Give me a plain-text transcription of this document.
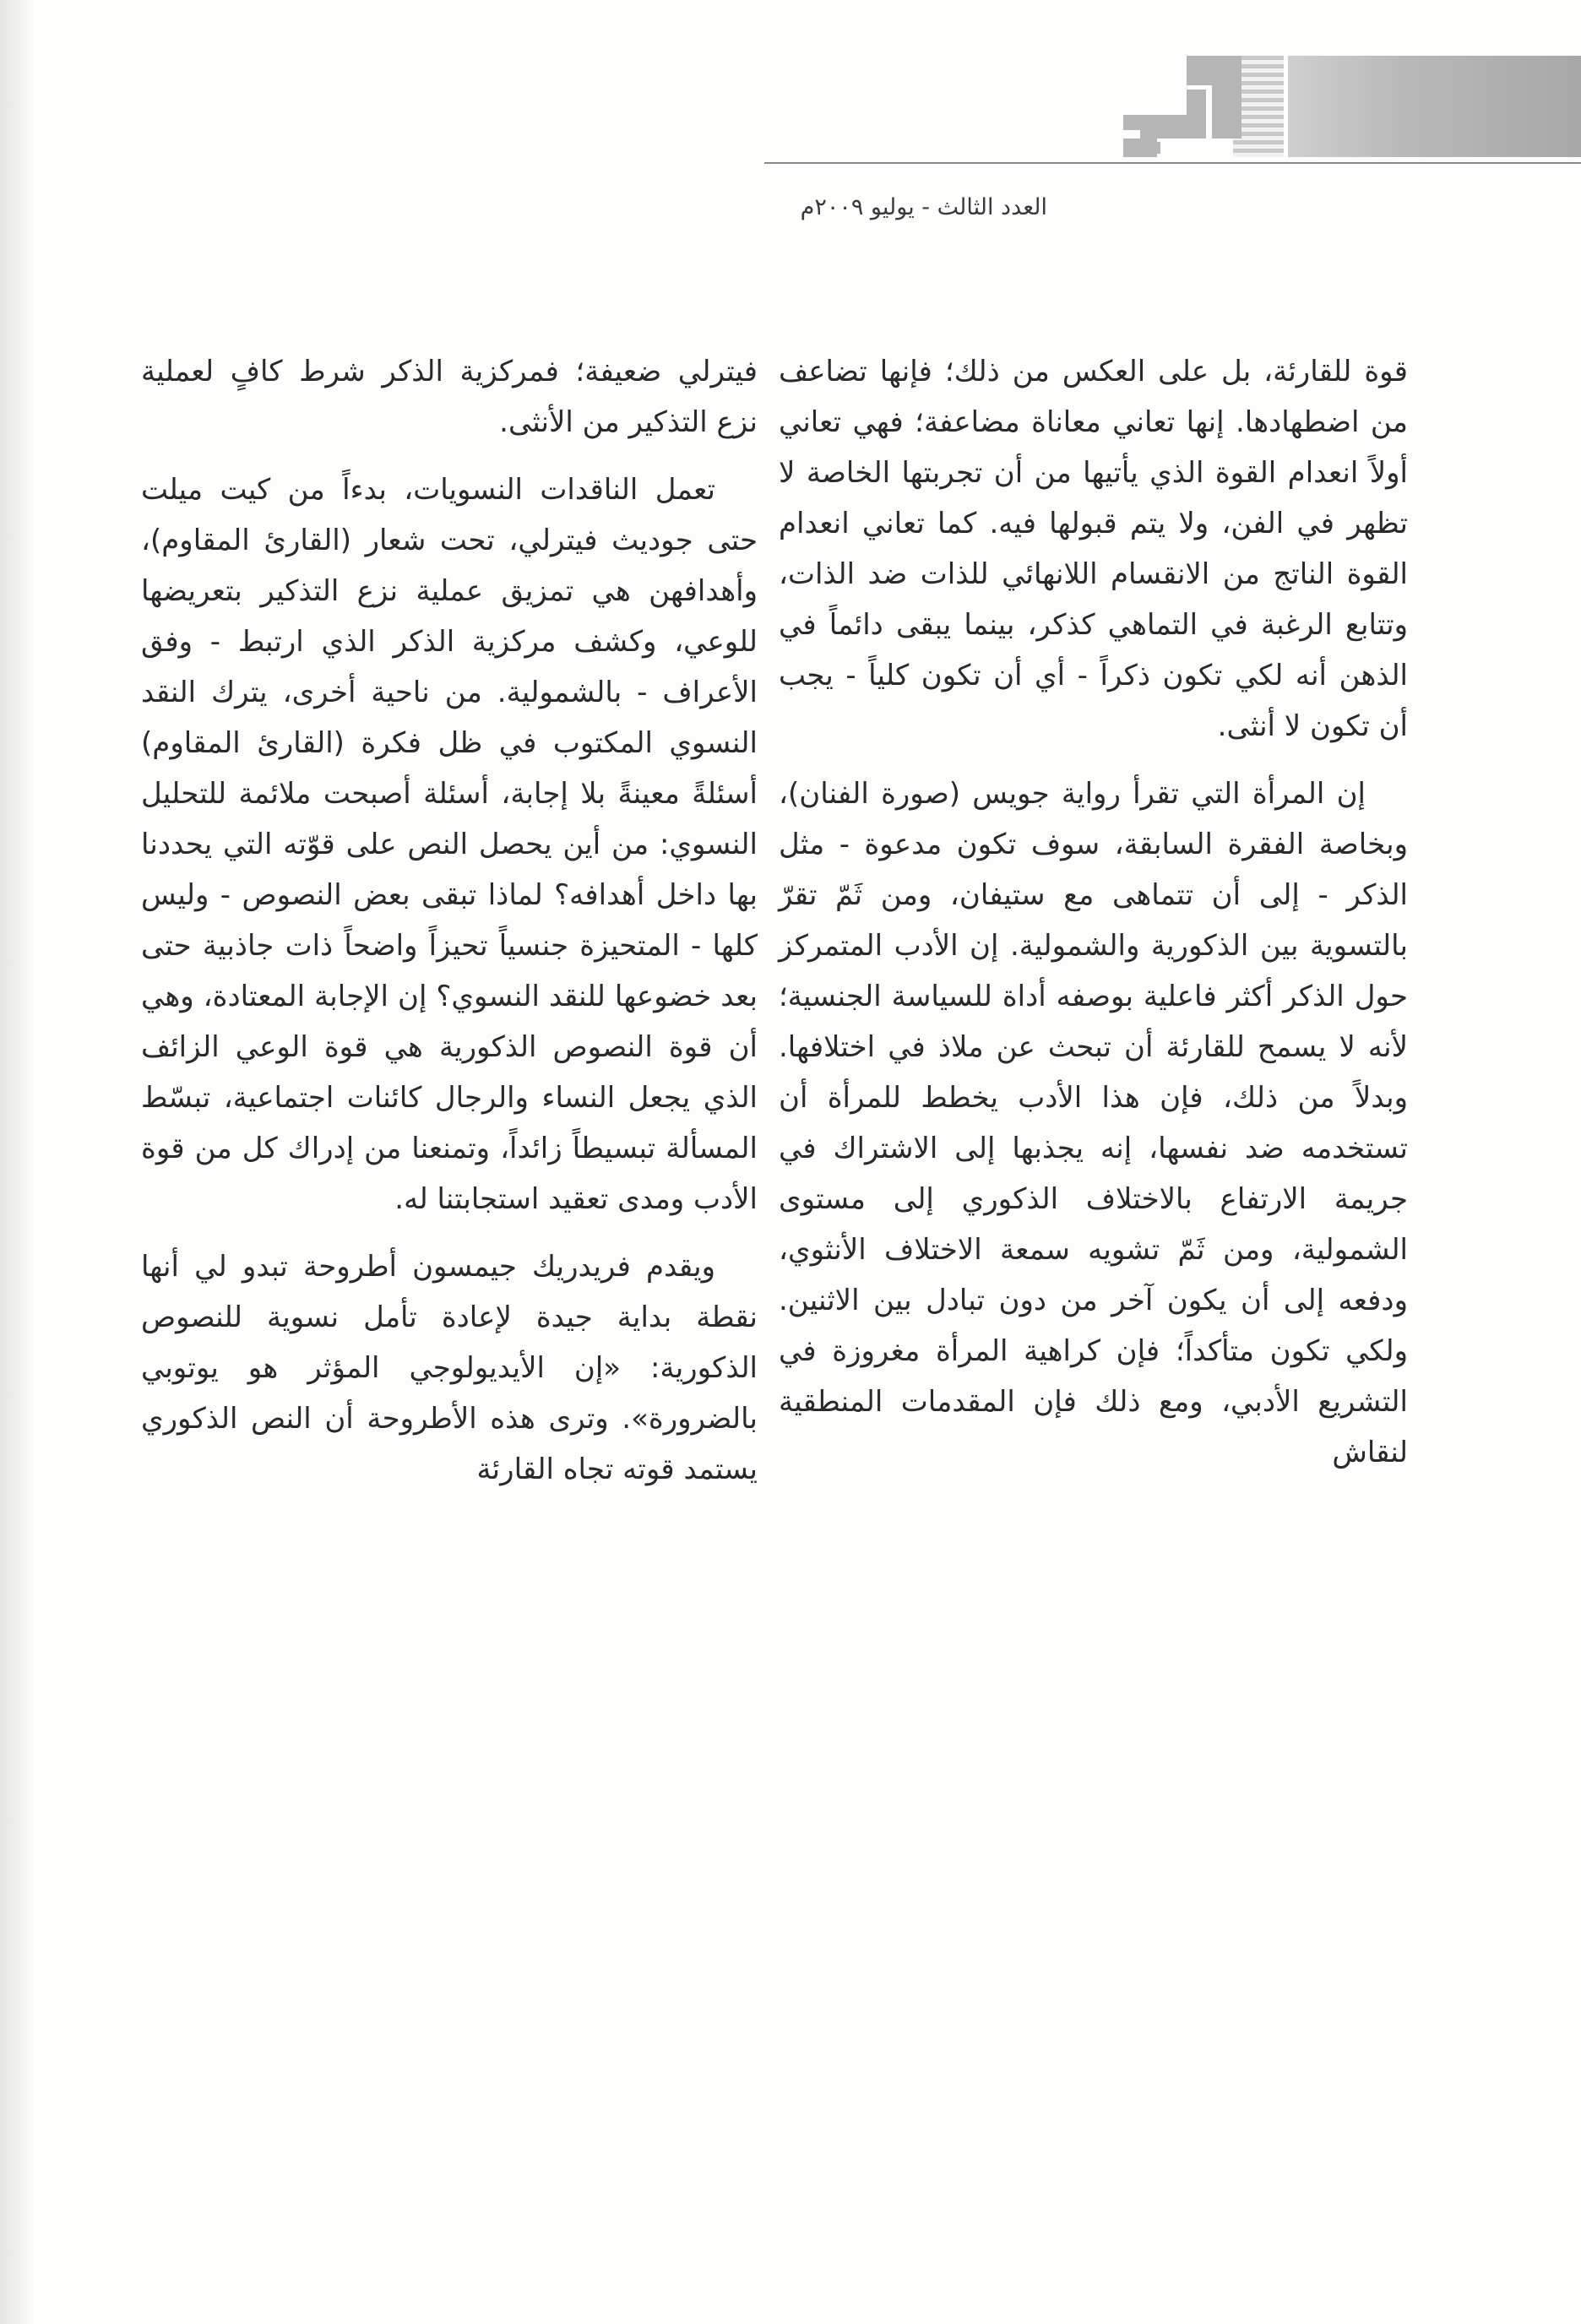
العدد الثالث - يوليو ٢٠٠٩م

قوة للقارئة، بل على العكس من ذلك؛ فإنها تضاعف من اضطهادها. إنها تعاني معاناة مضاعفة؛ فهي تعاني أولاً انعدام القوة الذي يأتيها من أن تجربتها الخاصة لا تظهر في الفن، ولا يتم قبولها فيه. كما تعاني انعدام القوة الناتج من الانقسام اللانهائي للذات ضد الذات، وتتابع الرغبة في التماهي كذكر، بينما يبقى دائماً في الذهن أنه لكي تكون ذكراً - أي أن تكون كلياً - يجب أن تكون لا أنثى.

إن المرأة التي تقرأ رواية جويس (صورة الفنان)، وبخاصة الفقرة السابقة، سوف تكون مدعوة - مثل الذكر - إلى أن تتماهى مع ستيفان، ومن ثَمّ تقرّ بالتسوية بين الذكورية والشمولية. إن الأدب المتمركز حول الذكر أكثر فاعلية بوصفه أداة للسياسة الجنسية؛ لأنه لا يسمح للقارئة أن تبحث عن ملاذ في اختلافها. وبدلاً من ذلك، فإن هذا الأدب يخطط للمرأة أن تستخدمه ضد نفسها، إنه يجذبها إلى الاشتراك في جريمة الارتفاع بالاختلاف الذكوري إلى مستوى الشمولية، ومن ثَمّ تشويه سمعة الاختلاف الأنثوي، ودفعه إلى أن يكون آخر من دون تبادل بين الاثنين. ولكي تكون متأكداً؛ فإن كراهية المرأة مغروزة في التشريع الأدبي، ومع ذلك فإن المقدمات المنطقية لنقاش

فيترلي ضعيفة؛ فمركزية الذكر شرط كافٍ لعملية نزع التذكير من الأنثى.

تعمل الناقدات النسويات، بدءاً من كيت ميلت حتى جوديث فيترلي، تحت شعار (القارئ المقاوم)، وأهدافهن هي تمزيق عملية نزع التذكير بتعريضها للوعي، وكشف مركزية الذكر الذي ارتبط - وفق الأعراف - بالشمولية. من ناحية أخرى، يترك النقد النسوي المكتوب في ظل فكرة (القارئ المقاوم) أسئلةً معينةً بلا إجابة، أسئلة أصبحت ملائمة للتحليل النسوي: من أين يحصل النص على قوّته التي يحددنا بها داخل أهدافه؟ لماذا تبقى بعض النصوص - وليس كلها - المتحيزة جنسياً تحيزاً واضحاً ذات جاذبية حتى بعد خضوعها للنقد النسوي؟ إن الإجابة المعتادة، وهي أن قوة النصوص الذكورية هي قوة الوعي الزائف الذي يجعل النساء والرجال كائنات اجتماعية، تبسّط المسألة تبسيطاً زائداً، وتمنعنا من إدراك كل من قوة الأدب ومدى تعقيد استجابتنا له.

ويقدم فريدريك جيمسون أطروحة تبدو لي أنها نقطة بداية جيدة لإعادة تأمل نسوية للنصوص الذكورية: «إن الأيديولوجي المؤثر هو يوتوبي بالضرورة». وترى هذه الأطروحة أن النص الذكوري يستمد قوته تجاه القارئة
